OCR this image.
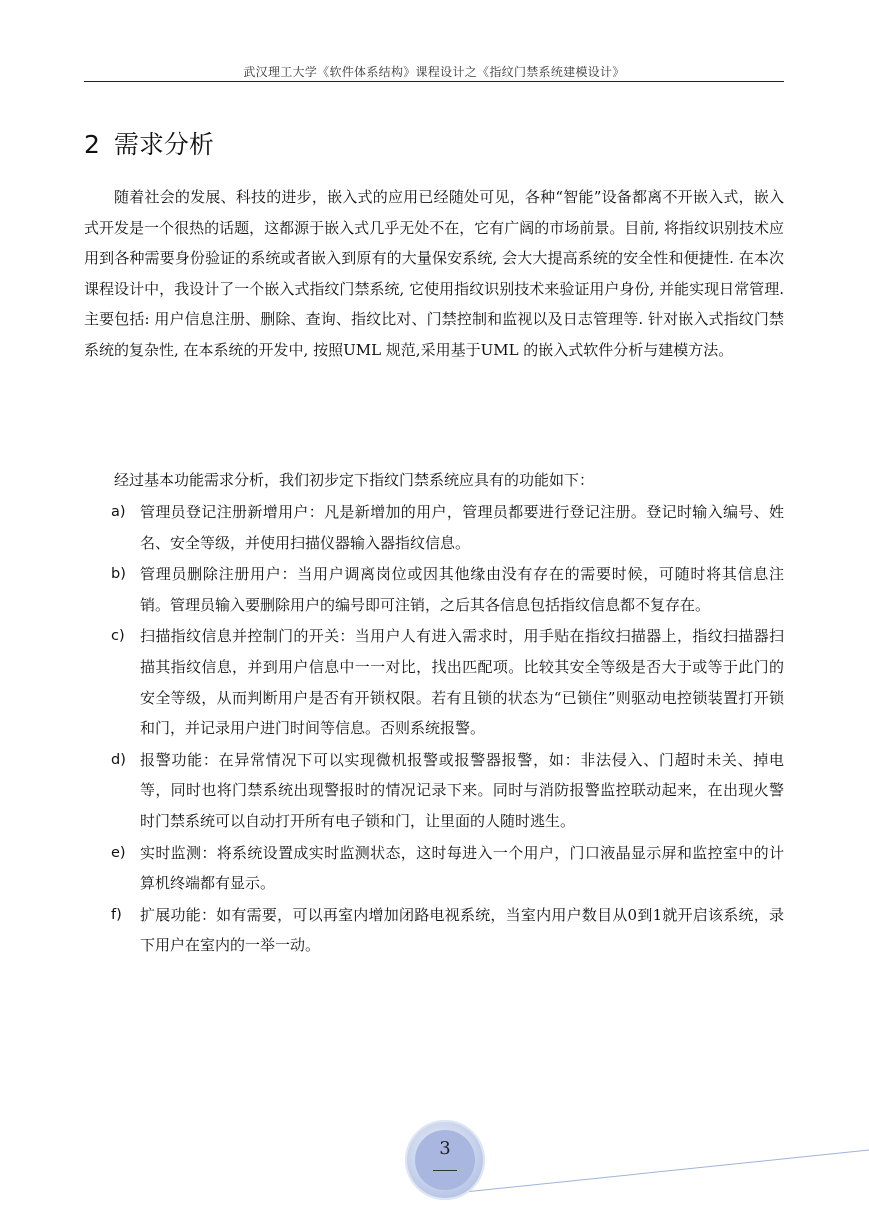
武汉理工大学《软件体系结构》课程设计之《指纹门禁系统建模设计》
2 需求分析

随着社会的发展、科技的进步，嵌入式的应用已经随处可见，各种“智能”设备都离不开嵌入式，嵌入式开发是一个很热的话题，这都源于嵌入式几乎无处不在，它有广阔的市场前景。目前, 将指纹识别技术应用到各种需要身份验证的系统或者嵌入到原有的大量保安系统, 会大大提高系统的安全性和便捷性. 在本次课程设计中，我设计了一个嵌入式指纹门禁系统, 它使用指纹识别技术来验证用户身份, 并能实现日常管理. 主要包括: 用户信息注册、删除、查询、指纹比对、门禁控制和监视以及日志管理等. 针对嵌入式指纹门禁系统的复杂性, 在本系统的开发中, 按照UML 规范,采用基于UML 的嵌入式软件分析与建模方法。

经过基本功能需求分析，我们初步定下指纹门禁系统应具有的功能如下：

a) 管理员登记注册新增用户：凡是新增加的用户，管理员都要进行登记注册。登记时输入编号、姓名、安全等级，并使用扫描仪器输入器指纹信息。
b) 管理员删除注册用户：当用户调离岗位或因其他缘由没有存在的需要时候，可随时将其信息注销。管理员输入要删除用户的编号即可注销，之后其各信息包括指纹信息都不复存在。
c) 扫描指纹信息并控制门的开关：当用户人有进入需求时，用手贴在指纹扫描器上，指纹扫描器扫描其指纹信息，并到用户信息中一一对比，找出匹配项。比较其安全等级是否大于或等于此门的安全等级，从而判断用户是否有开锁权限。若有且锁的状态为“已锁住”则驱动电控锁装置打开锁和门，并记录用户进门时间等信息。否则系统报警。
d) 报警功能：在异常情况下可以实现微机报警或报警器报警，如：非法侵入、门超时未关、掉电等，同时也将门禁系统出现警报时的情况记录下来。同时与消防报警监控联动起来，在出现火警时门禁系统可以自动打开所有电子锁和门，让里面的人随时逃生。
e) 实时监测：将系统设置成实时监测状态，这时每进入一个用户，门口液晶显示屏和监控室中的计算机终端都有显示。
f) 扩展功能：如有需要，可以再室内增加闭路电视系统，当室内用户数目从0到1就开启该系统，录下用户在室内的一举一动。
3
